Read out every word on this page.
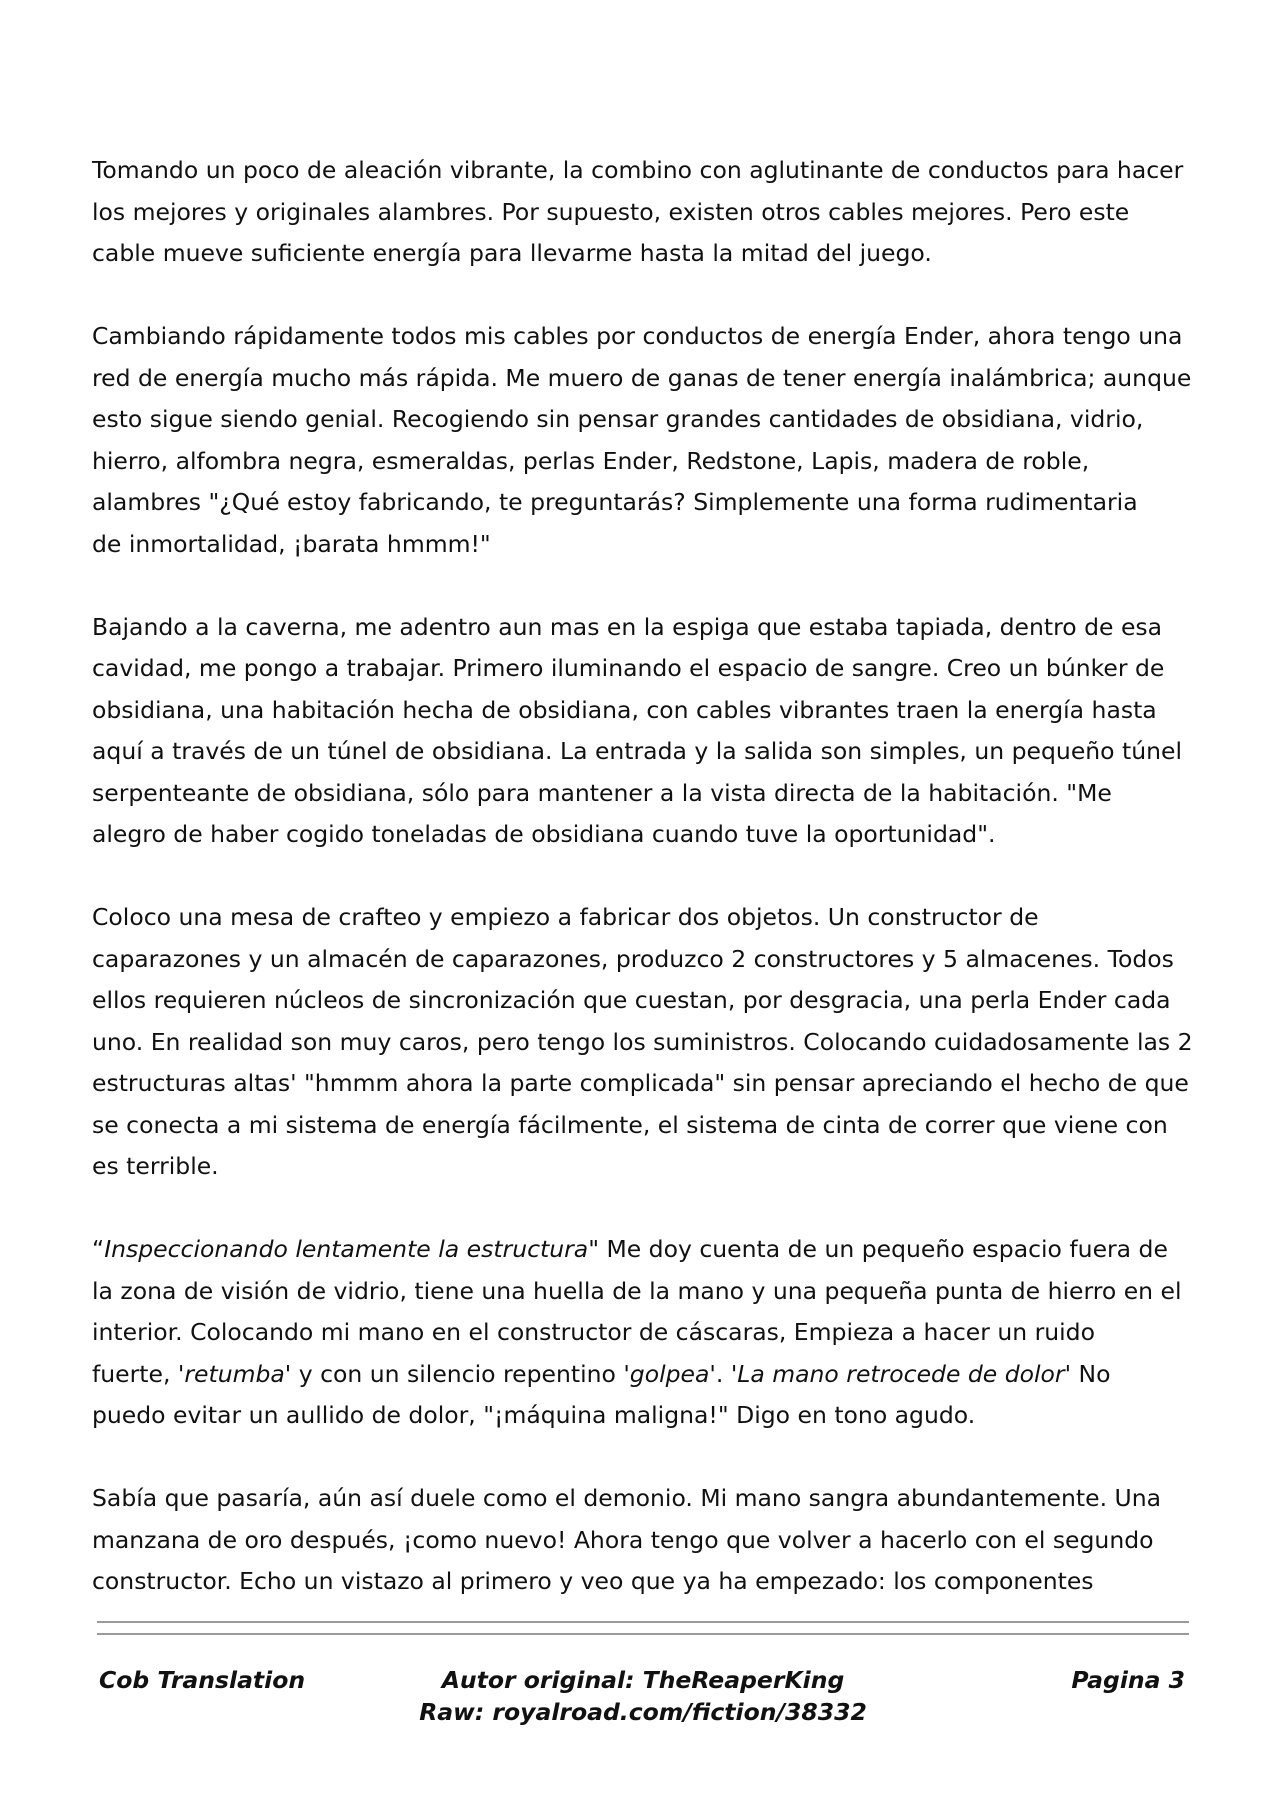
Tomando un poco de aleación vibrante, la combino con aglutinante de conductos para hacer
los mejores y originales alambres. Por supuesto, existen otros cables mejores. Pero este
cable mueve suficiente energía para llevarme hasta la mitad del juego.

Cambiando rápidamente todos mis cables por conductos de energía Ender, ahora tengo una
red de energía mucho más rápida. Me muero de ganas de tener energía inalámbrica; aunque
esto sigue siendo genial. Recogiendo sin pensar grandes cantidades de obsidiana, vidrio,
hierro, alfombra negra, esmeraldas, perlas Ender, Redstone, Lapis, madera de roble,
alambres "¿Qué estoy fabricando, te preguntarás? Simplemente una forma rudimentaria
de inmortalidad, ¡barata hmmm!"

Bajando a la caverna, me adentro aun mas en la espiga que estaba tapiada, dentro de esa
cavidad, me pongo a trabajar. Primero iluminando el espacio de sangre. Creo un búnker de
obsidiana, una habitación hecha de obsidiana, con cables vibrantes traen la energía hasta
aquí a través de un túnel de obsidiana. La entrada y la salida son simples, un pequeño túnel
serpenteante de obsidiana, sólo para mantener a la vista directa de la habitación. "Me
alegro de haber cogido toneladas de obsidiana cuando tuve la oportunidad".

Coloco una mesa de crafteo y empiezo a fabricar dos objetos. Un constructor de
caparazones y un almacén de caparazones, produzco 2 constructores y 5 almacenes. Todos
ellos requieren núcleos de sincronización que cuestan, por desgracia, una perla Ender cada
uno. En realidad son muy caros, pero tengo los suministros. Colocando cuidadosamente las 2
estructuras altas' "hmmm ahora la parte complicada" sin pensar apreciando el hecho de que
se conecta a mi sistema de energía fácilmente, el sistema de cinta de correr que viene con
es terrible.

“Inspeccionando lentamente la estructura" Me doy cuenta de un pequeño espacio fuera de
la zona de visión de vidrio, tiene una huella de la mano y una pequeña punta de hierro en el
interior. Colocando mi mano en el constructor de cáscaras, Empieza a hacer un ruido
fuerte, 'retumba' y con un silencio repentino 'golpea'. 'La mano retrocede de dolor' No
puedo evitar un aullido de dolor, "¡máquina maligna!" Digo en tono agudo.

Sabía que pasaría, aún así duele como el demonio. Mi mano sangra abundantemente. Una
manzana de oro después, ¡como nuevo! Ahora tengo que volver a hacerlo con el segundo
constructor. Echo un vistazo al primero y veo que ya ha empezado: los componentes

Cob Translation	Autor original: TheReaperKing
Raw: royalroad.com/fiction/38332
Pagina 3
